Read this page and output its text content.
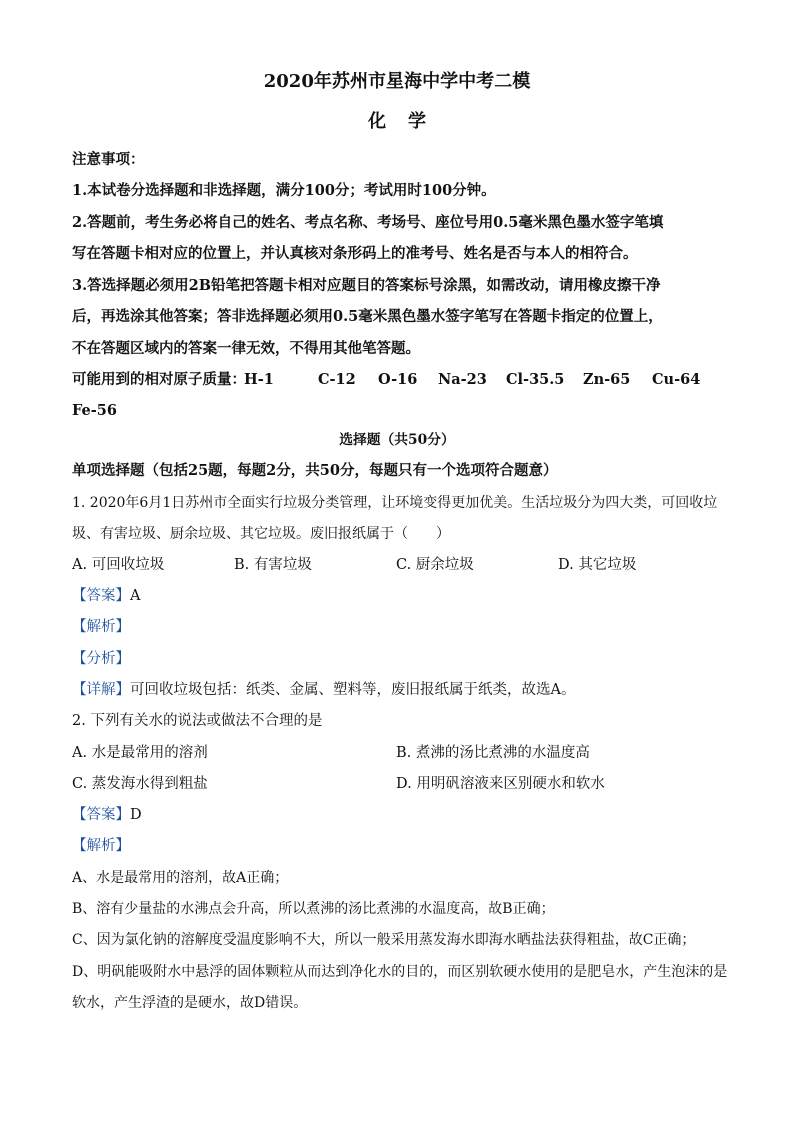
2020年苏州市星海中学中考二模
化学
注意事项：
1.本试卷分选择题和非选择题，满分100分；考试用时100分钟。
2.答题前，考生务必将自己的姓名、考点名称、考场号、座位号用0.5毫米黑色墨水签字笔填
写在答题卡相对应的位置上，并认真核对条形码上的准考号、姓名是否与本人的相符合。
3.答选择题必须用2B铅笔把答题卡相对应题目的答案标号涂黑，如需改动，请用橡皮擦干净
后，再选涂其他答案；答非选择题必须用0.5毫米黑色墨水签字笔写在答题卡指定的位置上，
不在答题区域内的答案一律无效，不得用其他笔答题。
可能用到的相对原子质量：
H-1	C-12 O-16 Na-23 Cl-35.5 Zn-65 Cu-64
Fe-56
选择题（共50分）
单项选择题（包括25题，每题2分，共50分，每题只有一个选项符合题意）
1. 2020年6月1日苏州市全面实行垃圾分类管理，让环境变得更加优美。生活垃圾分为四大类，可回收垃
圾、有害垃圾、厨余垃圾、其它垃圾。废旧报纸属于（　　）
A. 可回收垃圾	B. 有害垃圾	C. 厨余垃圾	D. 其它垃圾
【答案】A
【解析】
【分析】
【详解】可回收垃圾包括：纸类、金属、塑料等，废旧报纸属于纸类，故选A。
2. 下列有关水的说法或做法不合理的是
A. 水是最常用的溶剂	B. 煮沸的汤比煮沸的水温度高
C. 蒸发海水得到粗盐	D. 用明矾溶液来区别硬水和软水
【答案】D
【解析】
A、水是最常用的溶剂，故A正确；
B、溶有少量盐的水沸点会升高，所以煮沸的汤比煮沸的水温度高，故B正确；
C、因为氯化钠的溶解度受温度影响不大，所以一般采用蒸发海水即海水晒盐法获得粗盐，故C正确；
D、明矾能吸附水中悬浮的固体颗粒从而达到净化水的目的，而区别软硬水使用的是肥皂水，产生泡沫的是
软水，产生浮渣的是硬水，故D错误。
